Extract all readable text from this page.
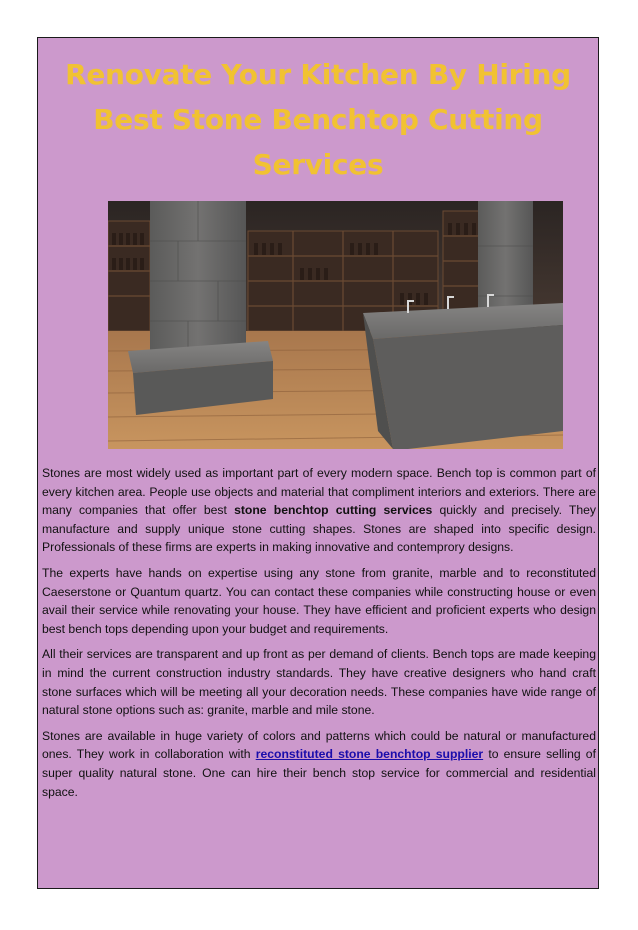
Renovate Your Kitchen By Hiring
Best Stone Benchtop Cutting
Services

Stones are most widely used as important part of every modern space. Bench top is common part of every kitchen area. People use objects and material that compliment interiors and exteriors. There are many companies that offer best stone benchtop cutting services quickly and precisely. They manufacture and supply unique stone cutting shapes. Stones are shaped into specific design. Professionals of these firms are experts in making innovative and contemprory designs.

The experts have hands on expertise using any stone from granite, marble and to reconstituted Caeserstone or Quantum quartz. You can contact these companies while constructing house or even avail their service while renovating your house. They have efficient and proficient experts who design best bench tops depending upon your budget and requirements.

All their services are transparent and up front as per demand of clients. Bench tops are made keeping in mind the current construction industry standards. They have creative designers who hand craft stone surfaces which will be meeting all your decoration needs. These companies have wide range of natural stone options such as: granite, marble and mile stone.

Stones are available in huge variety of colors and patterns which could be natural or manufactured ones. They work in collaboration with reconstituted stone benchtop supplier to ensure selling of super quality natural stone. One can hire their bench stop service for commercial and residential space.
